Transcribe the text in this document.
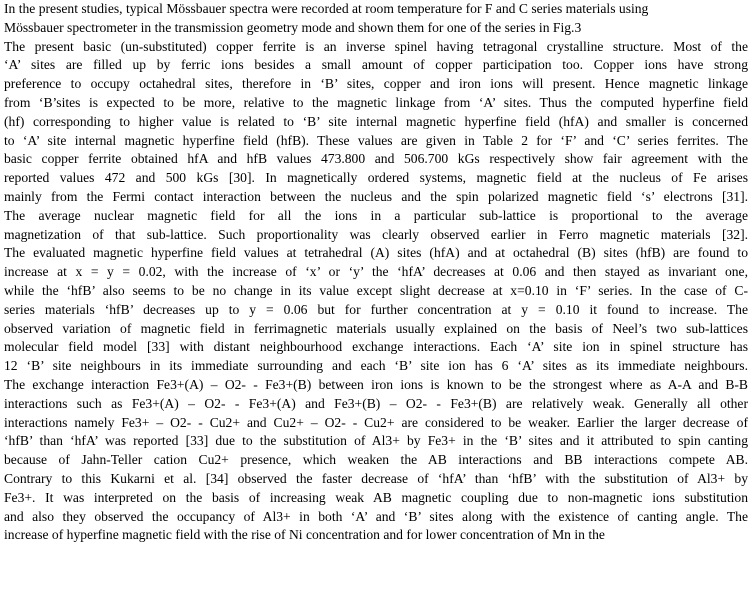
In the present studies, typical Mössbauer spectra were recorded at room temperature for F and C series materials using
Mössbauer spectrometer in the transmission geometry mode and shown them for one of the series in Fig.3
The present basic (un-substituted) copper ferrite is an inverse spinel having tetragonal crystalline structure. Most of the
‘A’ sites are filled up by ferric ions besides a small amount of copper participation too. Copper ions have strong
preference to occupy octahedral sites, therefore in ‘B’ sites, copper and iron ions will present. Hence magnetic linkage
from ‘B’sites is expected to be more, relative to the magnetic linkage from ‘A’ sites. Thus the computed hyperfine field
(hf) corresponding to higher value is related to ‘B’ site internal magnetic hyperfine field (hfA) and smaller is concerned
to ‘A’ site internal magnetic hyperfine field (hfB). These values are given in Table 2 for ‘F’ and ‘C’ series ferrites. The
basic copper ferrite obtained hfA and hfB values 473.800 and 506.700 kGs respectively show fair agreement with the
reported values 472 and 500 kGs [30]. In magnetically ordered systems, magnetic field at the nucleus of Fe arises
mainly from the Fermi contact interaction between the nucleus and the spin polarized magnetic field ‘s’ electrons [31].
The average nuclear magnetic field for all the ions in a particular sub-lattice is proportional to the average
magnetization of that sub-lattice. Such proportionality was clearly observed earlier in Ferro magnetic materials [32].
The evaluated magnetic hyperfine field values at tetrahedral (A) sites (hfA) and at octahedral (B) sites (hfB) are found to
increase at x = y = 0.02, with the increase of ‘x’ or ‘y’ the ‘hfA’ decreases at 0.06 and then stayed as invariant one,
while the ‘hfB’ also seems to be no change in its value except slight decrease at x=0.10 in ‘F’ series. In the case of C-
series materials ‘hfB’ decreases up to y = 0.06 but for further concentration at y = 0.10 it found to increase. The
observed variation of magnetic field in ferrimagnetic materials usually explained on the basis of Neel’s two sub-lattices
molecular field model [33] with distant neighbourhood exchange interactions. Each ‘A’ site ion in spinel structure has
12 ‘B’ site neighbours in its immediate surrounding and each ‘B’ site ion has 6 ‘A’ sites as its immediate neighbours.
The exchange interaction Fe3+(A) – O2- - Fe3+(B) between iron ions is known to be the strongest where as A-A and B-B
interactions such as Fe3+(A) – O2- - Fe3+(A) and Fe3+(B) – O2- - Fe3+(B) are relatively weak. Generally all other
interactions namely Fe3+ – O2- - Cu2+ and Cu2+ – O2- - Cu2+ are considered to be weaker. Earlier the larger decrease of
‘hfB’ than ‘hfA’ was reported [33] due to the substitution of Al3+ by Fe3+ in the ‘B’ sites and it attributed to spin canting
because of Jahn-Teller cation Cu2+ presence, which weaken the AB interactions and BB interactions compete AB.
Contrary to this Kukarni et al. [34] observed the faster decrease of ‘hfA’ than ‘hfB’ with the substitution of Al3+ by
Fe3+. It was interpreted on the basis of increasing weak AB magnetic coupling due to non-magnetic ions substitution
and also they observed the occupancy of Al3+ in both ‘A’ and ‘B’ sites along with the existence of canting angle. The
increase of hyperfine magnetic field with the rise of Ni concentration and for lower concentration of Mn in the
